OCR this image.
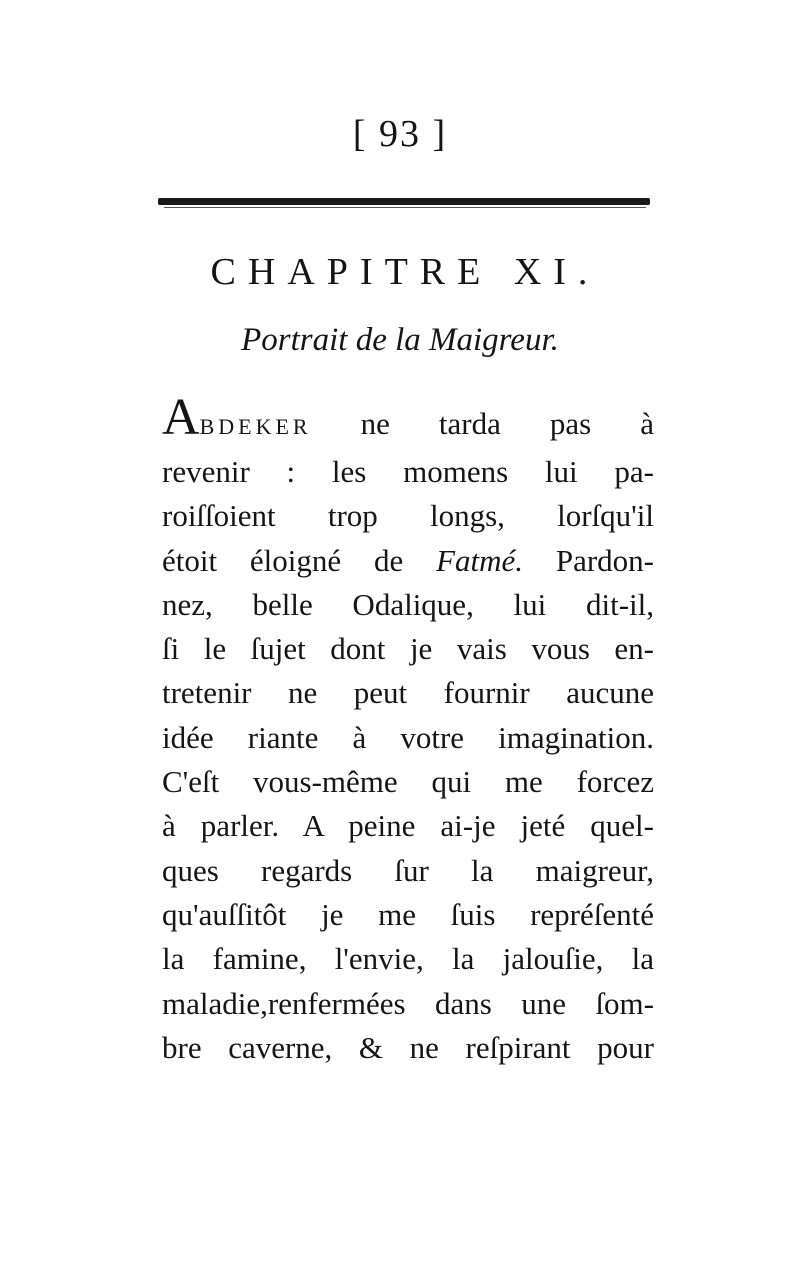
[ 93 ]
CHAPITRE XI.
Portrait de la Maigreur.
ABDEKER ne tarda pas à
revenir : les momens lui pa-
roiſſoient trop longs, lorſqu'il
étoit éloigné de Fatmé. Pardon-
nez, belle Odalique, lui dit-il,
ſi le ſujet dont je vais vous en-
tretenir ne peut fournir aucune
idée riante à votre imagination.
C'eſt vous-même qui me forcez
à parler. A peine ai-je jeté quel-
ques regards ſur la maigreur,
qu'auſſitôt je me ſuis repréſenté
la famine, l'envie, la jalouſie, la
maladie,renfermées dans une ſom-
bre caverne, & ne reſpirant pour
